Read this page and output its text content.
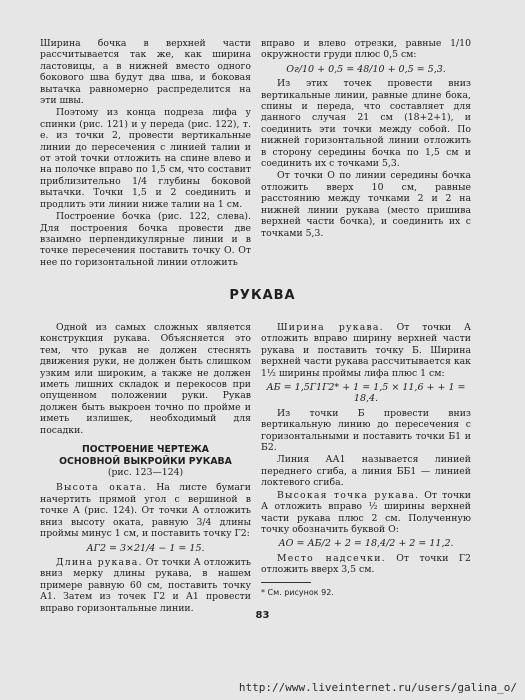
Ширина бочка в верхней части рассчитывается так же, как ширина ластовицы, а в нижней вместо одного бокового шва будут два шва, и боковая вытачка равномерно распределится на эти швы.

Поэтому из конца подреза лифа у спинки (рис. 121) и у переда (рис. 122), т. е. из точки 2, провести вертикальные линии до пересечения с линией талии и от этой точки отложить на спине влево и на полочке вправо по 1,5 см, что составит приблизительно 1/4 глубины боковой вытачки. Точки 1,5 и 2 соединить и продлить эти линии ниже талии на 1 см.

Построение бочка (рис. 122, слева). Для построения бочка провести две взаимно перпендикулярные линии и в точке пересечения поставить точку О. От нее по горизонтальной линии отложить

вправо и влево отрезки, равные 1/10 окружности груди плюс 0,5 см:

Ог/10 + 0,5 = 48/10 + 0,5 = 5,3.

Из этих точек провести вниз вертикальные линии, равные длине бока, спины и переда, что составляет для данного случая 21 см (18+2+1), и соединить эти точки между собой. По нижней горизонтальной линии отложить в сторону середины бочка по 1,5 см и соединить их с точками 5,3.

От точки О по линии середины бочка отложить вверх 10 см, равные расстоянию между точками 2 и 2 на нижней линии рукава (место пришива верхней части бочка), и соединить их с точками 5,3.

РУКАВА

Одной из самых сложных является конструкция рукава. Объясняется это тем, что рукав не должен стеснять движения руки, не должен быть слишком узким или широким, а также не должен иметь лишних складок и перекосов при опущенном положении руки. Рукав должен быть выкроен точно по пройме и иметь излишек, необходимый для посадки.

ПОСТРОЕНИЕ ЧЕРТЕЖА
ОСНОВНОЙ ВЫКРОЙКИ РУКАВА

(рис. 123—124)

Высота оката. На листе бумаги начертить прямой угол с вершиной в точке А (рис. 124). От точки А отложить вниз высоту оката, равную 3/4 длины проймы минус 1 см, и поставить точку Г2:

АГ2 = 3×21/4 − 1 = 15.

Длина рукава. От точки А отложить вниз мерку длины рукава, в нашем примере равную 60 см, поставить точку А1. Затем из точек Г2 и А1 провести вправо горизонтальные линии.

Ширина рукава. От точки А отложить вправо ширину верхней части рукава и поставить точку Б. Ширина верхней части рукава рассчитывается как 1½ ширины проймы лифа плюс 1 см:

АБ = 1,5Г1Г2* + 1 = 1,5 × 11,6 + + 1 = 18,4.

Из точки Б провести вниз вертикальную линию до пересечения с горизонтальными и поставить точки Б1 и Б2.

Линия АА1 называется линией переднего сгиба, а линия ББ1 — линией локтевого сгиба.

Высокая точка рукава. От точки А отложить вправо ½ ширины верхней части рукава плюс 2 см. Полученную точку обозначить буквой О:

АО = АБ/2 + 2 = 18,4/2 + 2 = 11,2.

Место надсечки. От точки Г2 отложить вверх 3,5 см.

* См. рисунок 92.

83
http://www.liveinternet.ru/users/galina_o/
